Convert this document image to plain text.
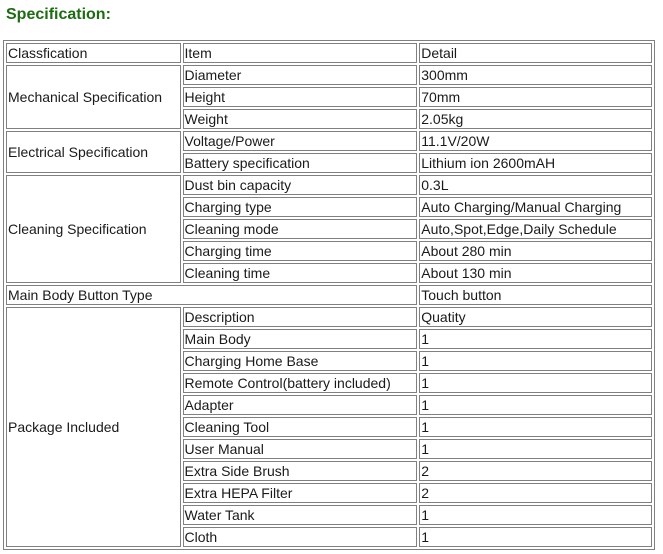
Specification:
Classfication	Item	Detail
Mechanical Specification	Diameter	300mm
	Height	70mm
	Weight	2.05kg
Electrical Specification	Voltage/Power	11.1V/20W
	Battery specification	Lithium ion 2600mAH
Cleaning Specification	Dust bin capacity	0.3L
	Charging type	Auto Charging/Manual Charging
	Cleaning mode	Auto,Spot,Edge,Daily Schedule
	Charging time	About 280 min
	Cleaning time	About 130 min
Main Body Button Type		Touch button
Package Included	Description	Quatity
	Main Body	1
	Charging Home Base	1
	Remote Control(battery included)	1
	Adapter	1
	Cleaning Tool	1
	User Manual	1
	Extra Side Brush	2
	Extra HEPA Filter	2
	Water Tank	1
	Cloth	1
